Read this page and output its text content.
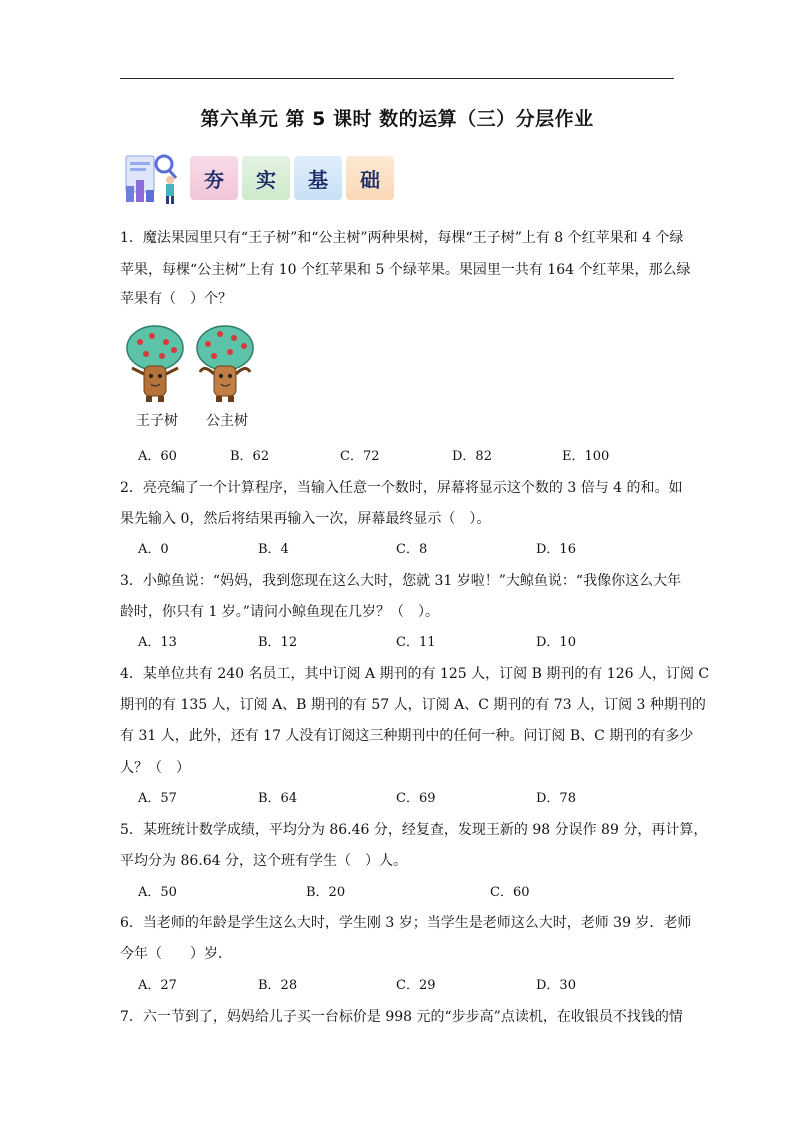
第六单元 第 5 课时 数的运算（三）分层作业
夯	实	基	础
1．魔法果园里只有“王子树”和“公主树”两种果树，每棵“王子树”上有 8 个红苹果和 4 个绿
苹果，每棵“公主树”上有 10 个红苹果和 5 个绿苹果。果园里一共有 164 个红苹果，那么绿
苹果有（　）个？
王子树 公主树
A．60	B．62	C．72	D．82	E．100
2．亮亮编了一个计算程序，当输入任意一个数时，屏幕将显示这个数的 3 倍与 4 的和。如
果先输入 0，然后将结果再输入一次，屏幕最终显示（　）。
A．0	B．4	C．8	D．16
3．小鲸鱼说：“妈妈，我到您现在这么大时，您就 31 岁啦！”大鲸鱼说：“我像你这么大年
龄时，你只有 1 岁。”请问小鲸鱼现在几岁？（　）。
A．13	B．12	C．11	D．10
4．某单位共有 240 名员工，其中订阅 A 期刊的有 125 人，订阅 B 期刊的有 126 人，订阅 C
期刊的有 135 人，订阅 A、B 期刊的有 57 人，订阅 A、C 期刊的有 73 人，订阅 3 种期刊的
有 31 人，此外，还有 17 人没有订阅这三种期刊中的任何一种。问订阅 B、C 期刊的有多少
人？（　）
A．57	B．64	C．69	D．78
5．某班统计数学成绩，平均分为 86.46 分，经复查，发现王新的 98 分误作 89 分，再计算，
平均分为 86.64 分，这个班有学生（　）人。
A．50	B．20	C．60
6．当老师的年龄是学生这么大时，学生刚 3 岁；当学生是老师这么大时，老师 39 岁．老师
今年（　　）岁．
A．27	B．28	C．29	D．30
7．六一节到了，妈妈给儿子买一台标价是 998 元的“步步高”点读机，在收银员不找钱的情
